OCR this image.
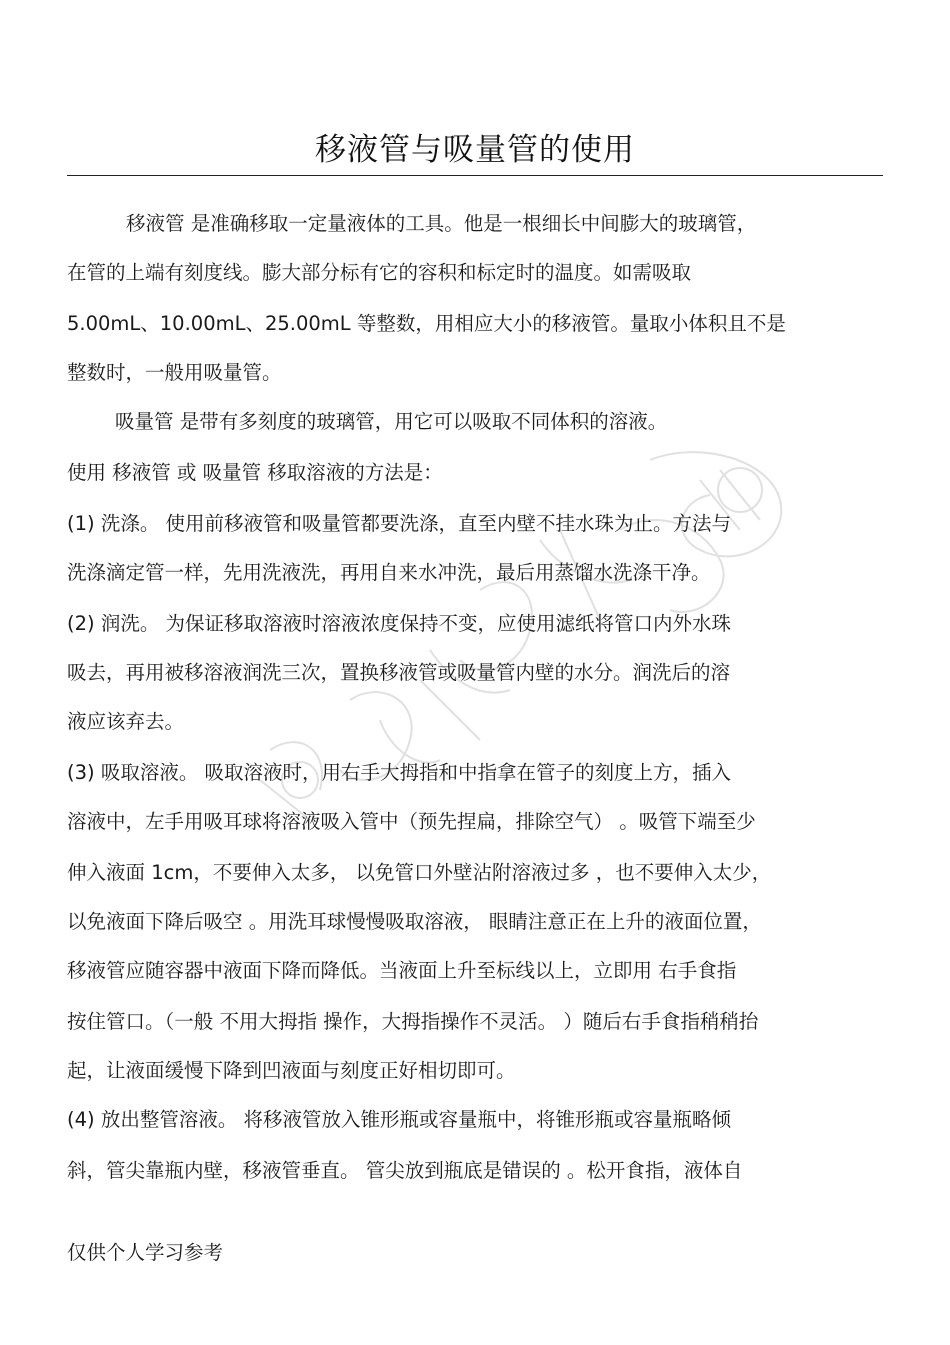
移液管与吸量管的使用
移液管 是准确移取一定量液体的工具。他是一根细长中间膨大的玻璃管，
在管的上端有刻度线。膨大部分标有它的容积和标定时的温度。如需吸取
5.00mL、10.00mL、25.00mL 等整数，用相应大小的移液管。量取小体积且不是
整数时，一般用吸量管。
吸量管 是带有多刻度的玻璃管，用它可以吸取不同体积的溶液。
使用 移液管 或 吸量管 移取溶液的方法是：
(1) 洗涤。 使用前移液管和吸量管都要洗涤，直至内壁不挂水珠为止。方法与
洗涤滴定管一样，先用洗液洗，再用自来水冲洗，最后用蒸馏水洗涤干净。
(2) 润洗。 为保证移取溶液时溶液浓度保持不变，应使用滤纸将管口内外水珠
吸去，再用被移溶液润洗三次，置换移液管或吸量管内壁的水分。润洗后的溶
液应该弃去。
(3) 吸取溶液。 吸取溶液时，用右手大拇指和中指拿在管子的刻度上方，插入
溶液中，左手用吸耳球将溶液吸入管中（预先捏扁，排除空气） 。吸管下端至少
伸入液面 1cm，不要伸入太多， 以免管口外壁沾附溶液过多 ，也不要伸入太少，
以免液面下降后吸空 。用洗耳球慢慢吸取溶液， 眼睛注意正在上升的液面位置，
移液管应随容器中液面下降而降低。当液面上升至标线以上，立即用 右手食指
按住管口。（一般 不用大拇指 操作，大拇指操作不灵活。 ）随后右手食指稍稍抬
起，让液面缓慢下降到凹液面与刻度正好相切即可。
(4) 放出整管溶液。 将移液管放入锥形瓶或容量瓶中，将锥形瓶或容量瓶略倾
斜，管尖靠瓶内壁，移液管垂直。 管尖放到瓶底是错误的 。松开食指，液体自
仅供个人学习参考
